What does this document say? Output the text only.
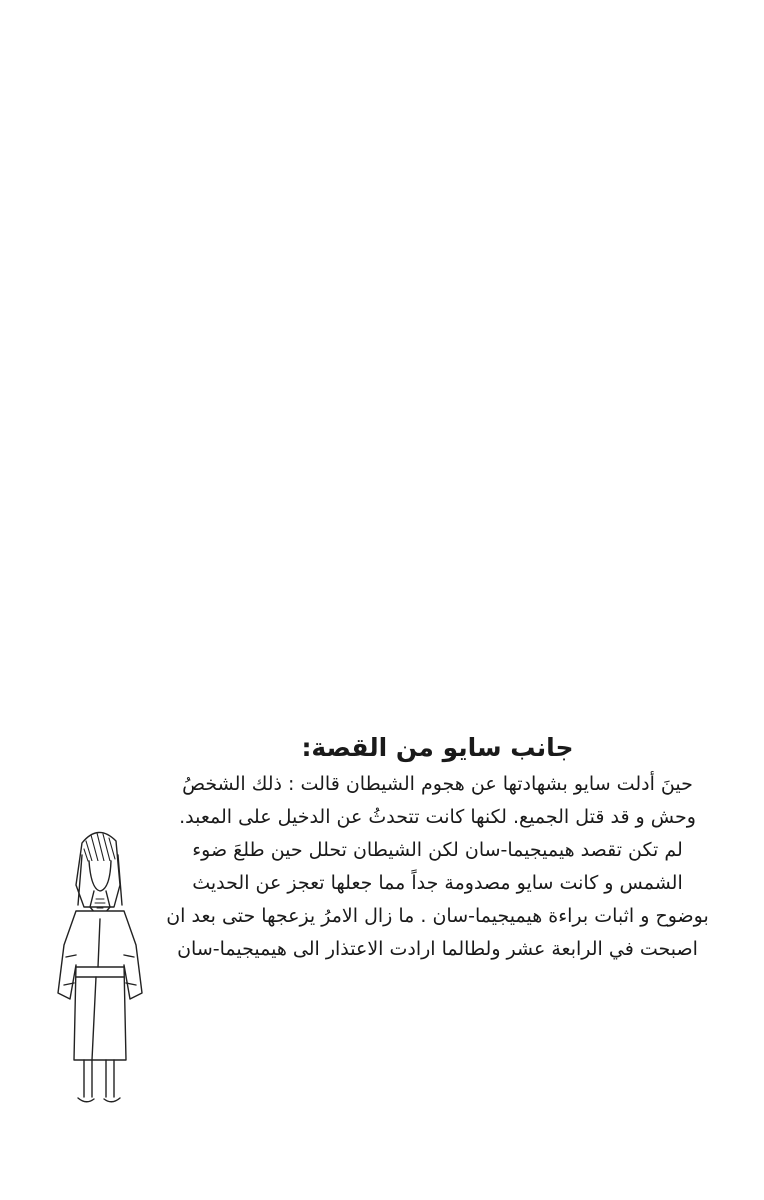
جانب سايو من القصة:

حينَ أدلت سايو بشهادتها عن هجوم الشيطان قالت : ذلك الشخصُ وحش و قد قتل الجميع. لكنها كانت تتحدثُ عن الدخيل على المعبد.

لم تكن تقصد هيميجيما-سان لكن الشيطان تحلل حين طلعَ ضوء الشمس و كانت سايو مصدومة جداً مما جعلها تعجز عن الحديث بوضوح و اثبات براءة هيميجيما-سان . ما زال الامرُ يزعجها حتى بعد ان اصبحت في الرابعة عشر ولطالما ارادت الاعتذار الى هيميجيما-سان
